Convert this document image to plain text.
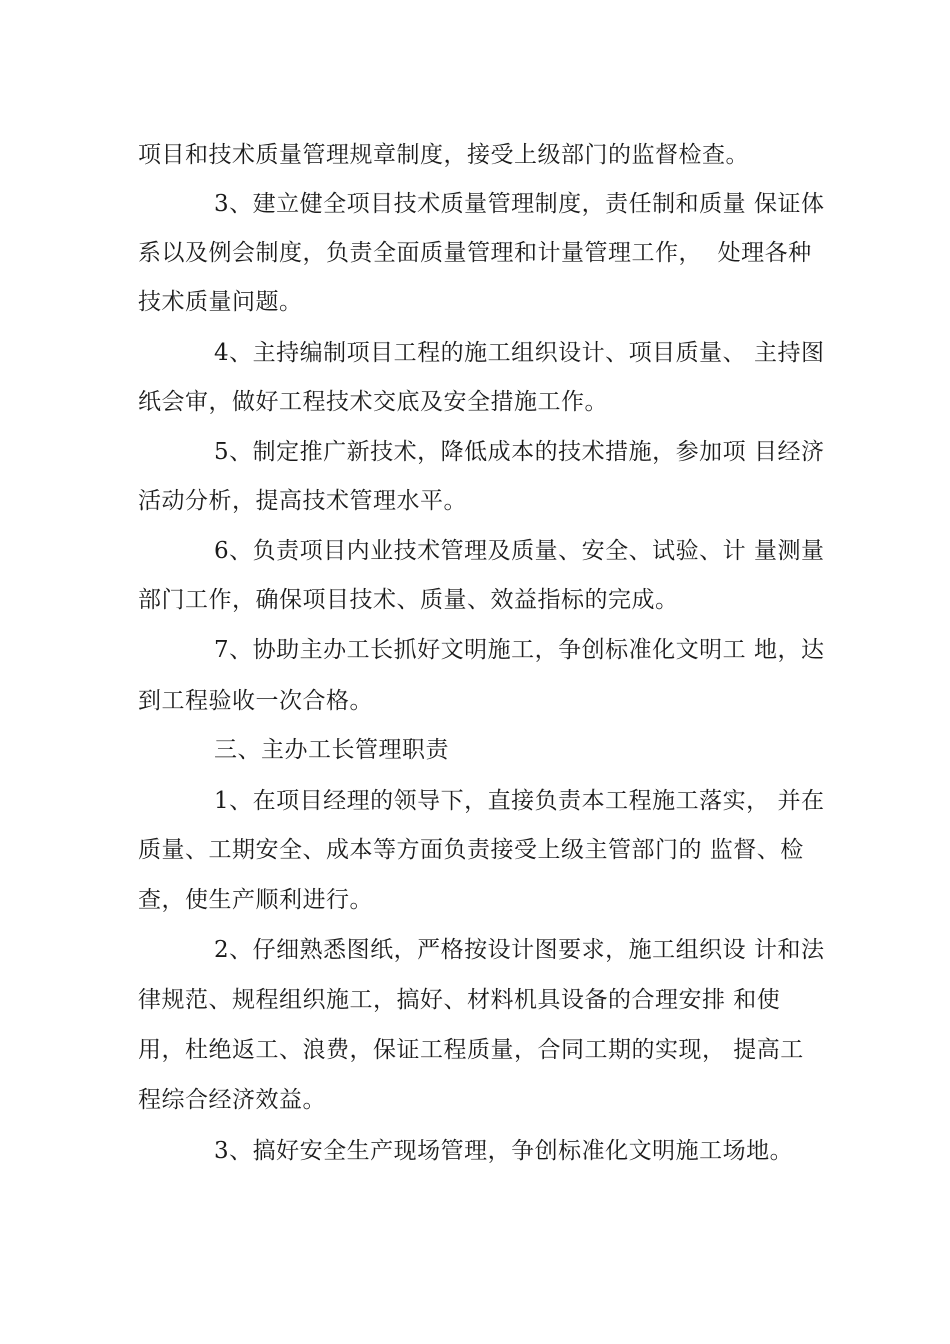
项目和技术质量管理规章制度，接受上级部门的监督检查。
3、建立健全项目技术质量管理制度，责任制和质量 保证体
系以及例会制度，负责全面质量管理和计量管理工作，  处理各种
技术质量问题。
4、主持编制项目工程的施工组织设计、项目质量、 主持图
纸会审，做好工程技术交底及安全措施工作。
5、制定推广新技术，降低成本的技术措施，参加项 目经济
活动分析，提高技术管理水平。
6、负责项目内业技术管理及质量、安全、试验、计 量测量
部门工作，确保项目技术、质量、效益指标的完成。
7、协助主办工长抓好文明施工，争创标准化文明工 地，达
到工程验收一次合格。
三、主办工长管理职责
1、在项目经理的领导下，直接负责本工程施工落实， 并在
质量、工期安全、成本等方面负责接受上级主管部门的 监督、检
查，使生产顺利进行。
2、仔细熟悉图纸，严格按设计图要求，施工组织设 计和法
律规范、规程组织施工，搞好、材料机具设备的合理安排 和使
用，杜绝返工、浪费，保证工程质量，合同工期的实现， 提高工
程综合经济效益。
3、搞好安全生产现场管理，争创标准化文明施工场地。
